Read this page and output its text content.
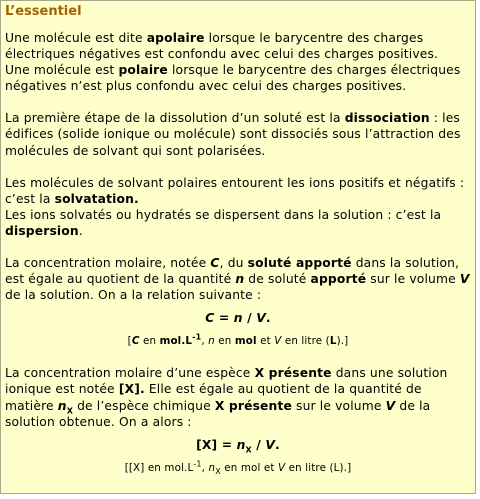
L’essentiel

Une molécule est dite apolaire lorsque le barycentre des charges électriques négatives est confondu avec celui des charges positives.
Une molécule est polaire lorsque le barycentre des charges électriques négatives n’est plus confondu avec celui des charges positives.

La première étape de la dissolution d’un soluté est la dissociation : les édifices (solide ionique ou molécule) sont dissociés sous l’attraction des molécules de solvant qui sont polarisées.

Les molécules de solvant polaires entourent les ions positifs et négatifs : c’est la solvatation.
Les ions solvatés ou hydratés se dispersent dans la solution : c’est la dispersion.

La concentration molaire, notée C, du soluté apporté dans la solution, est égale au quotient de la quantité n de soluté apporté sur le volume V de la solution. On a la relation suivante :

C = n / V.

[C en $mol.L^{-1}$, n en mol et V en litre (L).]

La concentration molaire d’une espèce X présente dans une solution ionique est notée [X]. Elle est égale au quotient de la quantité de matière $n_X$ de l’espèce chimique X présente sur le volume V de la solution obtenue. On a alors :

$[X] = n_X / V$.

[[X] en $mol.L^{-1}$, $n_X$ en mol et V en litre (L).]
